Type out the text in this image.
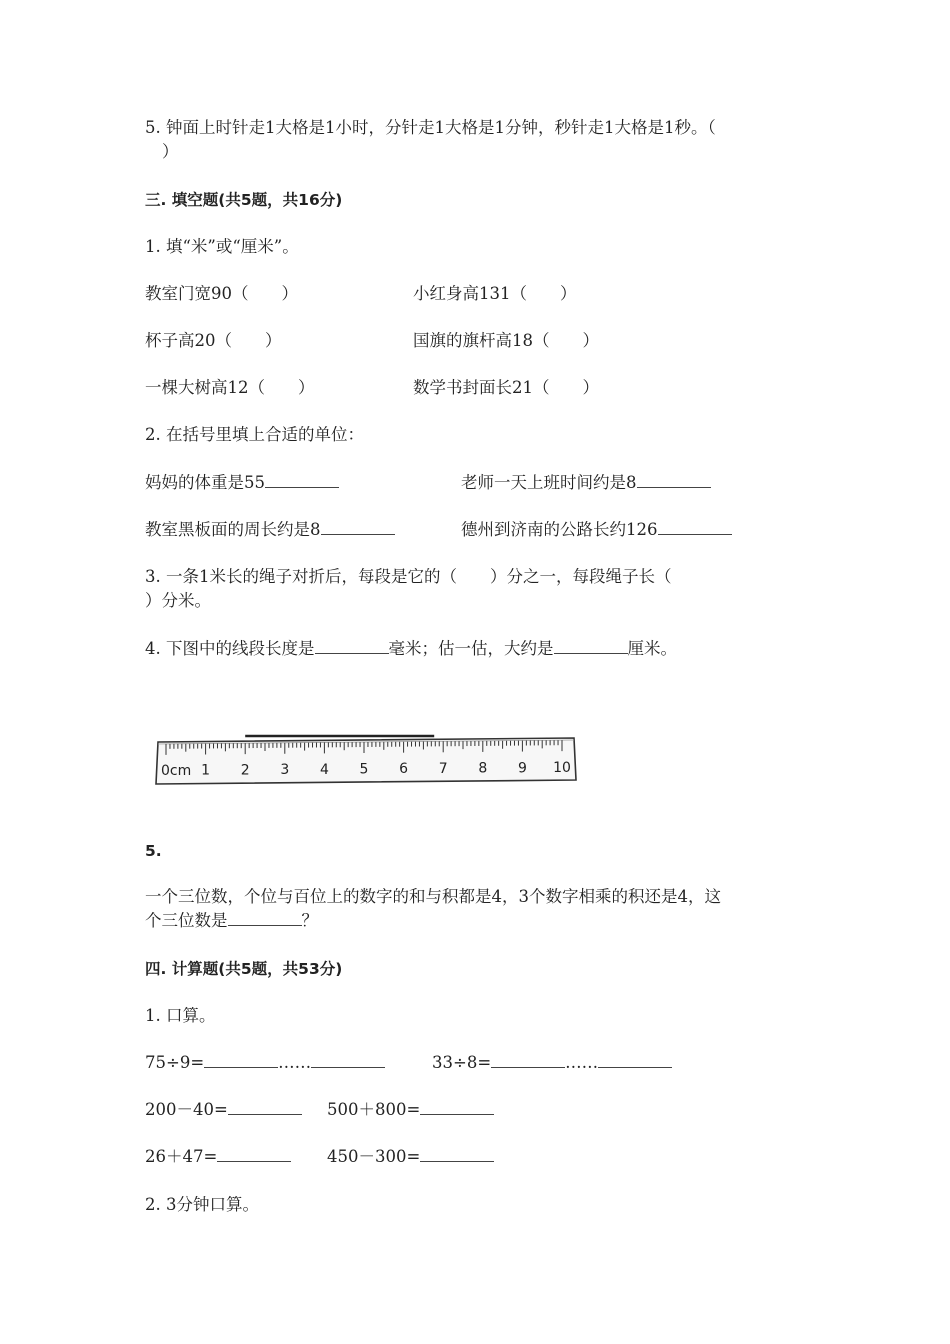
5. 钟面上时针走1大格是1小时，分针走1大格是1分钟，秒针走1大格是1秒。（
）
三. 填空题(共5题，共16分)
1. 填“米”或“厘米”。
教室门宽90（　　）	小红身高131（　　）
杯子高20（　　）	国旗的旗杆高18（　　）
一棵大树高12（　　）	数学书封面长21（　　）
2. 在括号里填上合适的单位：
妈妈的体重是55	老师一天上班时间约是8
教室黑板面的周长约是8	德州到济南的公路长约126
3. 一条1米长的绳子对折后，每段是它的（　　）分之一，每段绳子长（
）分米。
4. 下图中的线段长度是	毫米；估一估，大约是	厘米。
0cm 1 2 3 4 5 6 7 8 9 10
5.
一个三位数，个位与百位上的数字的和与积都是4，3个数字相乘的积还是4，这
个三位数是	？
四. 计算题(共5题，共53分)
1. 口算。
75÷9=	……	33÷8=	……
200－40=	500＋800=
26＋47=	450－300=
2. 3分钟口算。
